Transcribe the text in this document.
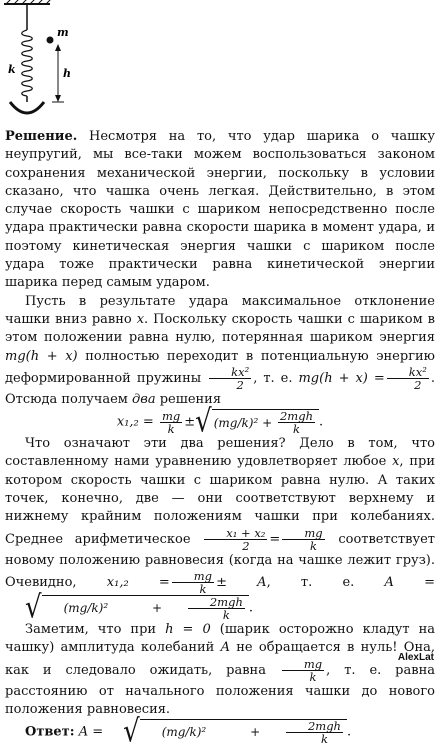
m
k	h

Решение. Несмотря на то, что удар шарика о чашку неупругий, мы все-таки можем воспользоваться законом сохранения механической энергии, поскольку в условии сказано, что чашка очень легкая. Действительно, в этом случае скорость чашки с шариком непосредственно после удара практически равна скорости шарика в момент удара, и поэтому кинетическая энергия чашки с шариком после удара тоже практически равна кинетической энергии шарика перед самым ударом.

Пусть в результате удара максимальное отклонение чашки вниз равно x. Поскольку скорость чашки с шариком в этом положении равна нулю, потерянная шариком энергия mg(h + x) полностью переходит в потенциальную энергию деформированной пружины $\frac{\text{kx²}}{2}$ , т. е. $mg(h + x) = \frac{\text{kx²}}{2}$ . Отсюда получаем два решения

$x_1,_2 = \frac{mg}{k}$ ± √ (mg/k)²
+
$\frac{\text{2mgh}}{k}$ .

Что означают эти два решения? Дело в том, что составленному нами уравнению удовлетворяет любое x, при котором скорость чашки с шариком равна нулю. А таких точек, конечно, две — они соответствуют верхнему и нижнему крайним положениям чашки при колебаниях. Среднее арифметическое $\frac{\text{x₁ + x₂}}{2} = \frac{mg}{k}$ соответствует новому положению равновесия (когда на чашке лежит груз). Очевидно, $x_1,_2 = \frac{mg}{k} \pm A$, т. е. A =
√	(mg/k)²
	+
$\frac{\text{2mgh}}{k}$ .

Заметим, что при h = 0 (шарик осторожно кладут на чашку) амплитуда колебаний A не обращается в нуль! Она, как и следовало ожидать, равна $\frac{mg}{k}$ , т. е. равна расстоянию от начального положения чашки до нового положения равновесия.

Ответ: A = √	(mg/k)²
	+
$\frac{\text{2mgh}}{k}$ .

AlexLat
